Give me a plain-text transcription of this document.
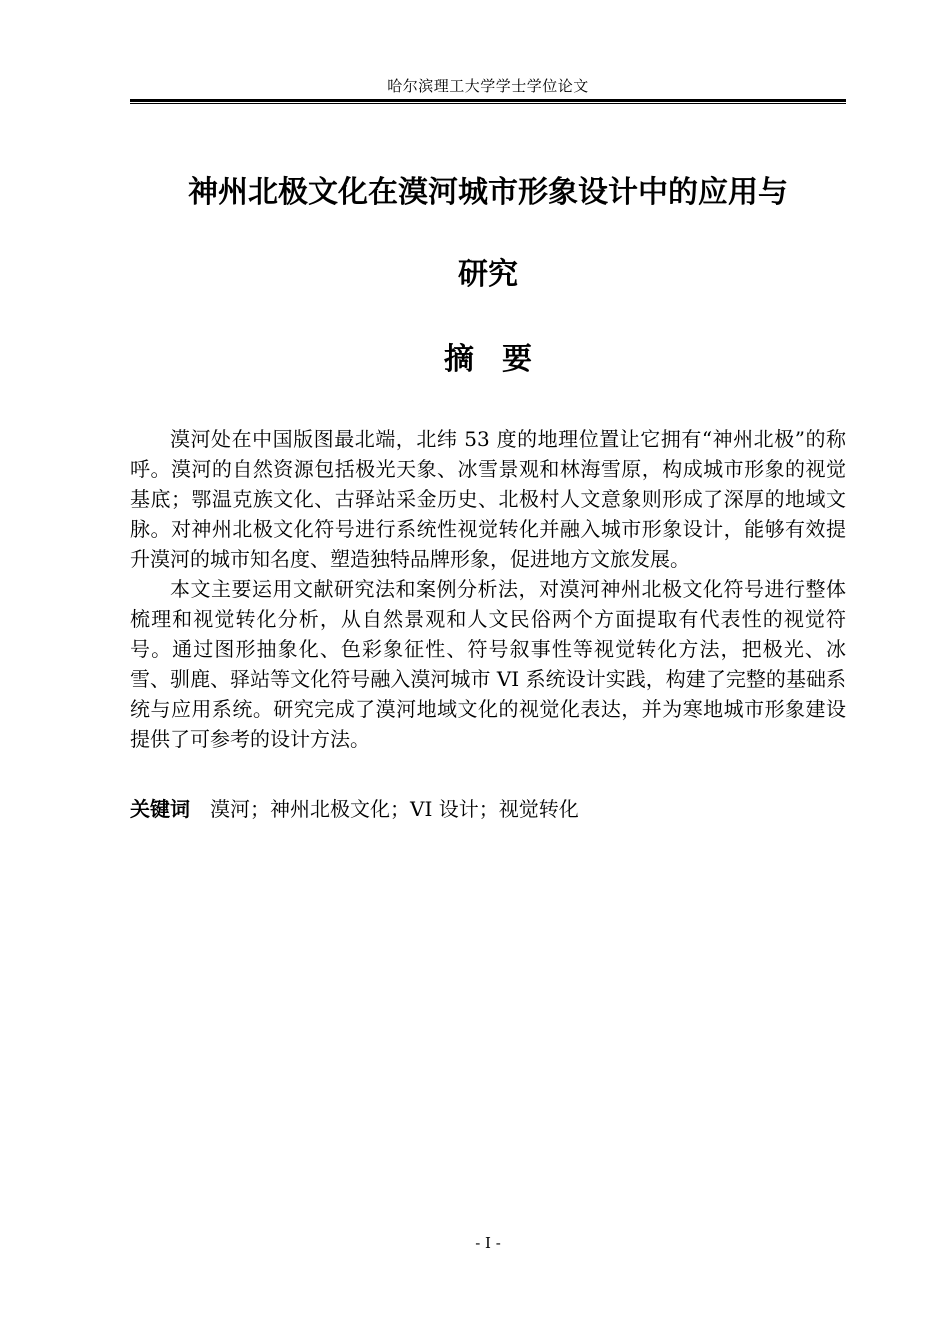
哈尔滨理工大学学士学位论文
神州北极文化在漠河城市形象设计中的应用与
研究
摘要

漠河处在中国版图最北端，北纬 53 度的地理位置让它拥有“神州北极”的称呼。漠河的自然资源包括极光天象、冰雪景观和林海雪原，构成城市形象的视觉基底；鄂温克族文化、古驿站采金历史、北极村人文意象则形成了深厚的地域文脉。对神州北极文化符号进行系统性视觉转化并融入城市形象设计，能够有效提升漠河的城市知名度、塑造独特品牌形象，促进地方文旅发展。

本文主要运用文献研究法和案例分析法，对漠河神州北极文化符号进行整体梳理和视觉转化分析，从自然景观和人文民俗两个方面提取有代表性的视觉符号。通过图形抽象化、色彩象征性、符号叙事性等视觉转化方法，把极光、冰雪、驯鹿、驿站等文化符号融入漠河城市 VI 系统设计实践，构建了完整的基础系统与应用系统。研究完成了漠河地域文化的视觉化表达，并为寒地城市形象建设提供了可参考的设计方法。

关键词 漠河；神州北极文化；VI 设计；视觉转化
- I -
